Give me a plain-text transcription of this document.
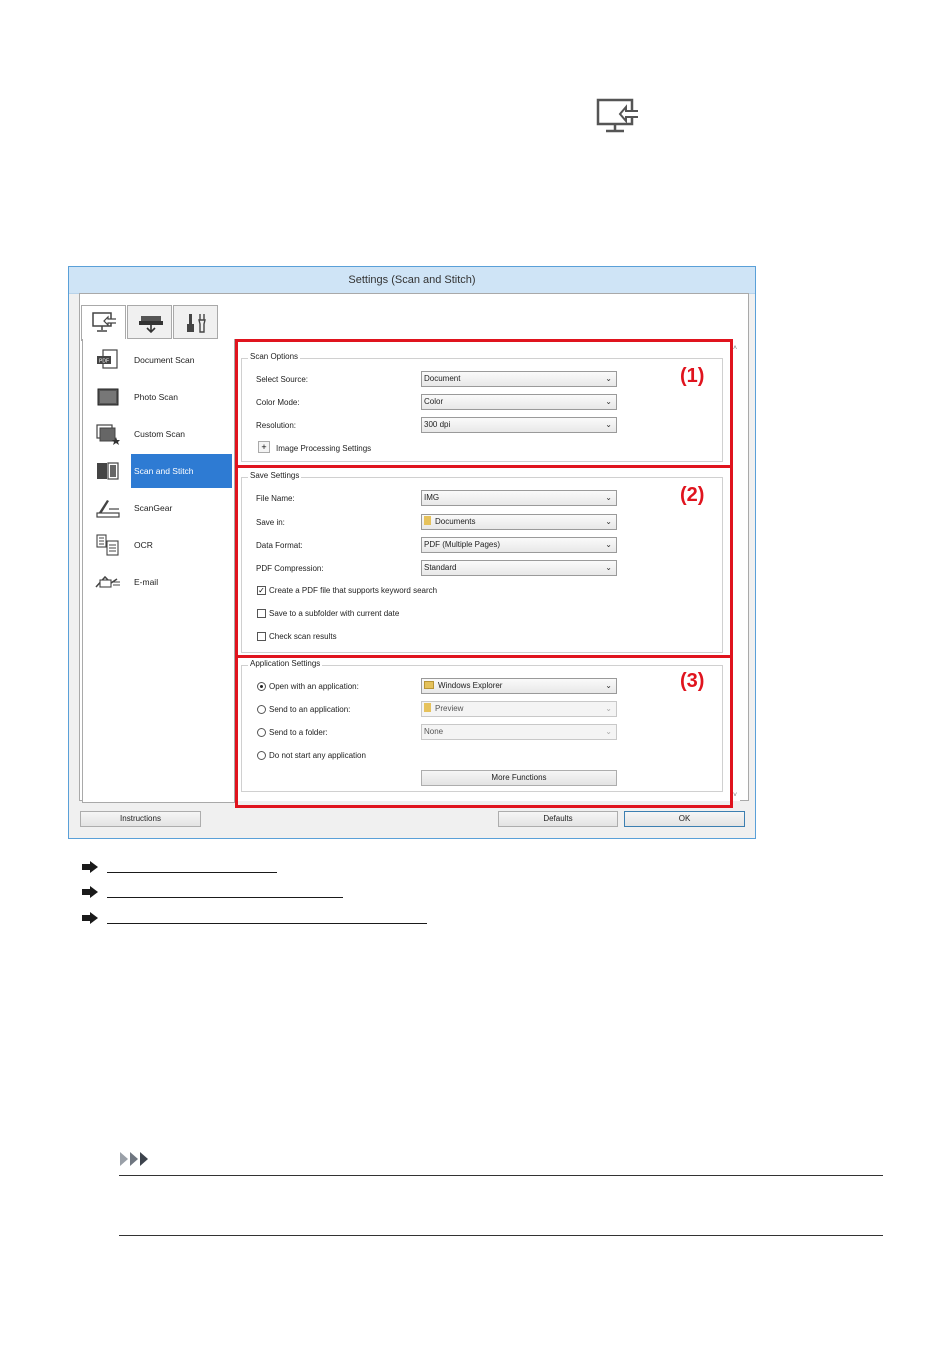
Settings (Scan and Stitch)
PDF	Document Scan
Photo Scan
Custom Scan
Scan and Stitch
ScanGear
OCR
E-mail
Scan Options
Select Source:	Document	⌄
Color Mode:	Color	⌄
Resolution:	300 dpi	⌄
+	Image Processing Settings
Save Settings
File Name:	IMG	⌄
Save in:	Documents	⌄
Data Format:	PDF (Multiple Pages)	⌄
PDF Compression:	Standard	⌄
✓ Create a PDF file that supports keyword search
Save to a subfolder with current date
Check scan results
Application Settings
Open with an application:	Windows Explorer	⌄
Send to an application:	Preview	⌄
Send to a folder:	None	⌄
Do not start any application
More Functions
˄
˅
(1)
(2)
(3)
Instructions	Defaults	OK
